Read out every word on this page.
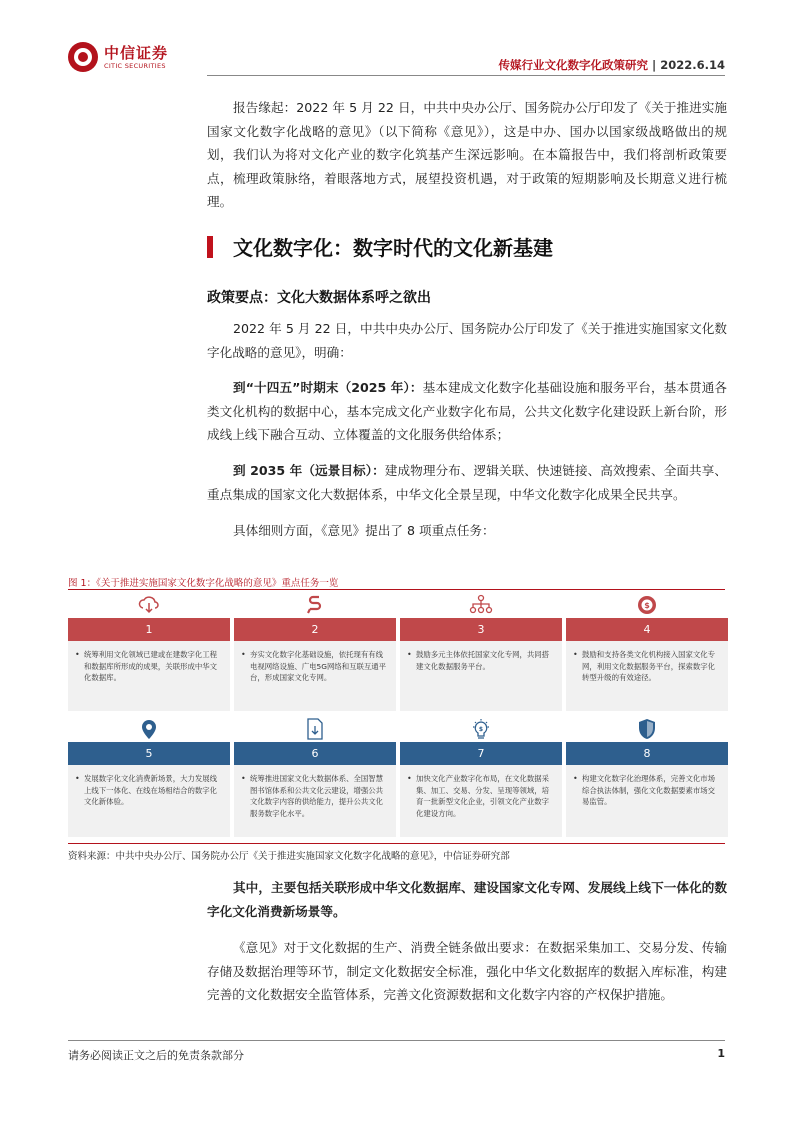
中信证券
CITIC SECURITIES	传媒行业文化数字化政策研究 | 2022.6.14
报告缘起：2022 年 5 月 22 日，中共中央办公厅、国务院办公厅印发了《关于推进实施国家文化数字化战略的意见》（以下简称《意见》），这是中办、国办以国家级战略做出的规划，我们认为将对文化产业的数字化筑基产生深远影响。在本篇报告中，我们将剖析政策要点，梳理政策脉络，着眼落地方式，展望投资机遇，对于政策的短期影响及长期意义进行梳理。
文化数字化：数字时代的文化新基建
政策要点：文化大数据体系呼之欲出
2022 年 5 月 22 日，中共中央办公厅、国务院办公厅印发了《关于推进实施国家文化数字化战略的意见》，明确：
到“十四五”时期末（2025 年）：基本建成文化数字化基础设施和服务平台，基本贯通各类文化机构的数据中心，基本完成文化产业数字化布局，公共文化数字化建设跃上新台阶，形成线上线下融合互动、立体覆盖的文化服务供给体系；
到 2035 年（远景目标）：建成物理分布、逻辑关联、快速链接、高效搜索、全面共享、重点集成的国家文化大数据体系，中华文化全景呈现，中华文化数字化成果全民共享。
具体细则方面，《意见》提出了 8 项重点任务：
图 1：《关于推进实施国家文化数字化战略的意见》重点任务一览
1
• 统筹利用文化领域已建或在建数字化工程和数据库所形成的成果，关联形成中华文化数据库。
2
• 夯实文化数字化基础设施，依托现有有线电视网络设施、广电5G网络和互联互通平台，形成国家文化专网。
3
• 鼓励多元主体依托国家文化专网，共同搭建文化数据服务平台。
$
4
• 鼓励和支持各类文化机构接入国家文化专网，利用文化数据服务平台，探索数字化转型升级的有效途径。
5
• 发展数字化文化消费新场景，大力发展线上线下一体化、在线在场相结合的数字化文化新体验。
6
• 统筹推进国家文化大数据体系、全国智慧图书馆体系和公共文化云建设，增强公共文化数字内容的供给能力，提升公共文化服务数字化水平。
$
7
• 加快文化产业数字化布局，在文化数据采集、加工、交易、分发、呈现等领域，培育一批新型文化企业，引领文化产业数字化建设方向。
8
• 构建文化数字化治理体系，完善文化市场综合执法体制，强化文化数据要素市场交易监管。
资料来源：中共中央办公厅、国务院办公厅《关于推进实施国家文化数字化战略的意见》，中信证券研究部
其中，主要包括关联形成中华文化数据库、建设国家文化专网、发展线上线下一体化的数字化文化消费新场景等。
《意见》对于文化数据的生产、消费全链条做出要求：在数据采集加工、交易分发、传输存储及数据治理等环节，制定文化数据安全标准，强化中华文化数据库的数据入库标准，构建完善的文化数据安全监管体系，完善文化资源数据和文化数字内容的产权保护措施。
请务必阅读正文之后的免责条款部分	1
